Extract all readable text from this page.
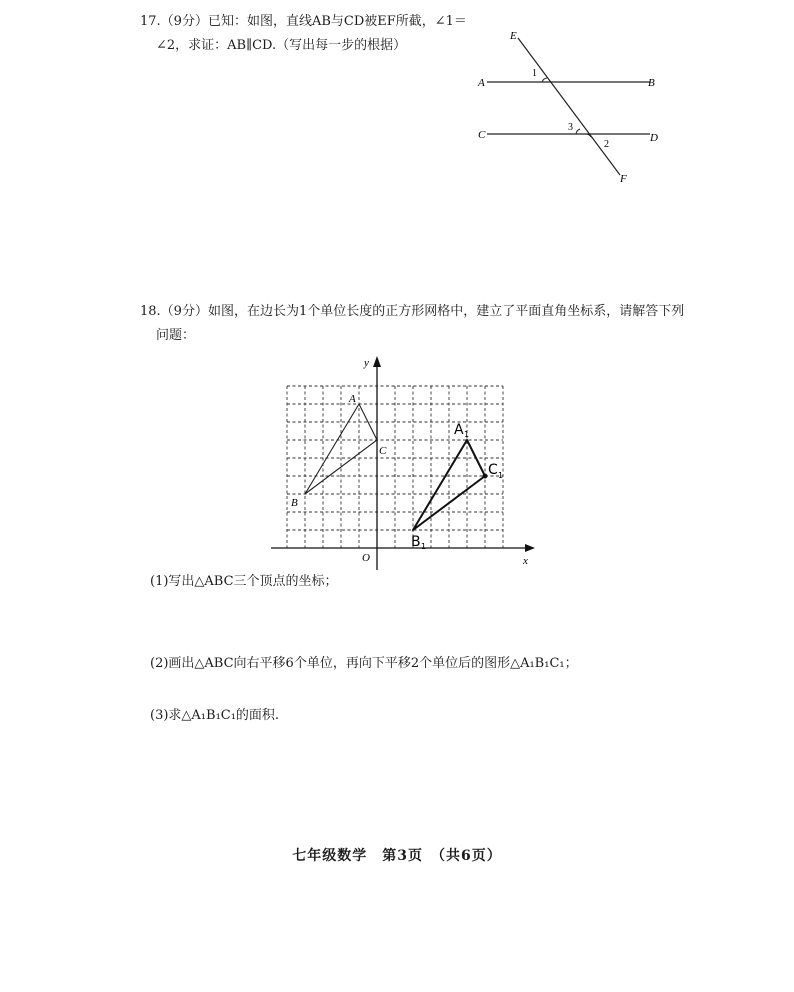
17.（9分）已知：如图，直线AB与CD被EF所截，∠1＝
∠2，求证：AB∥CD.（写出每一步的根据）
E
F
A	B
C	D
1
2
3
18.（9分）如图，在边长为1个单位长度的正方形网格中，建立了平面直角坐标系，请解答下列
问题：
x
y
O
A
B
C
A 1
B 1
C 1
(1)写出△ABC三个顶点的坐标；
(2)画出△ABC向右平移6个单位，再向下平移2个单位后的图形△A₁B₁C₁；
(3)求△A₁B₁C₁的面积.
七年级数学　第3页　（共6页）
